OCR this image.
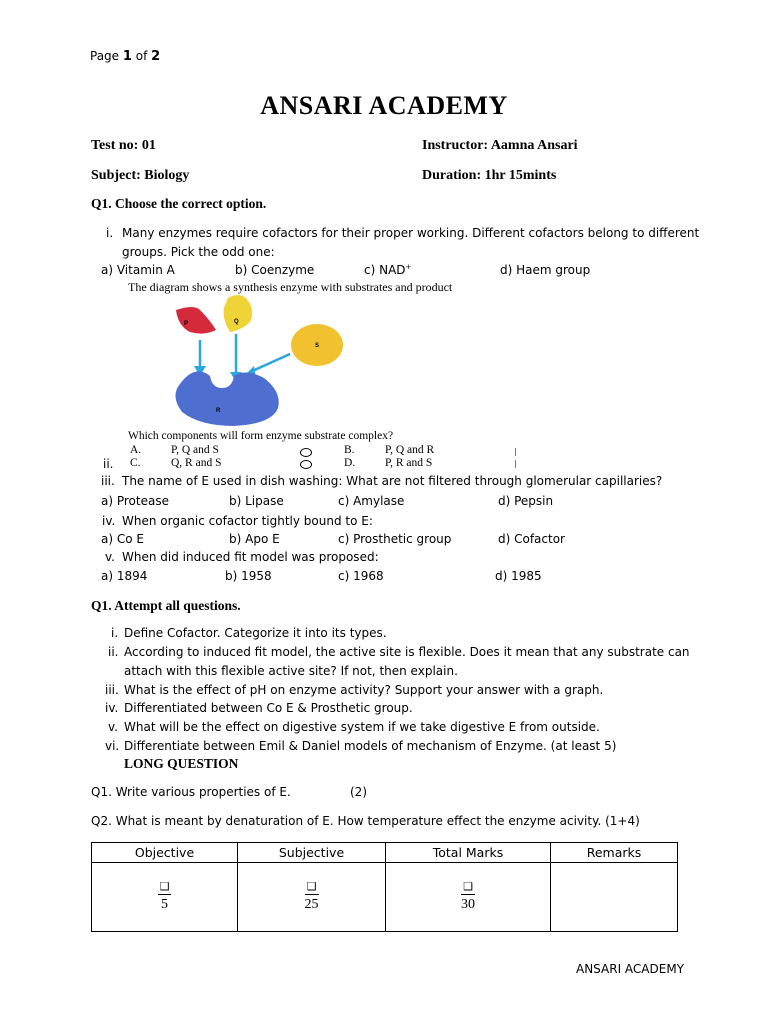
Page 1 of 2
ANSARI ACADEMY
Test no: 01	Instructor: Aamna Ansari
Subject: Biology	Duration: 1hr 15mints
Q1. Choose the correct option.
i. Many enzymes require cofactors for their proper working. Different cofactors belong to different
groups. Pick the odd one:
a) Vitamin A	b) Coenzyme	c) NAD+	d) Haem group
The diagram shows a synthesis enzyme with substrates and product
P	Q
S
R
Which components will form enzyme substrate complex?
A.	P, Q and S	B.	P, Q and R
ii. C.	Q, R and S	D.	P, R and S
iii. The name of E used in dish washing: What are not filtered through glomerular capillaries?
a) Protease	b) Lipase	c) Amylase	d) Pepsin
iv. When organic cofactor tightly bound to E:
a) Co E	b) Apo E	c) Prosthetic group	d) Cofactor
v. When did induced fit model was proposed:
a) 1894	b) 1958	c) 1968	d) 1985
Q1. Attempt all questions.
i. Define Cofactor. Categorize it into its types.
ii. According to induced fit model, the active site is flexible. Does it mean that any substrate can
attach with this flexible active site? If not, then explain.
iii. What is the effect of pH on enzyme activity? Support your answer with a graph.
iv. Differentiated between Co E & Prosthetic group.
v. What will be the effect on digestive system if we take digestive E from outside.
vi. Differentiate between Emil & Daniel models of mechanism of Enzyme. (at least 5)
LONG QUESTION
Q1. Write various properties of E.	(2)
Q2. What is meant by denaturation of E. How temperature effect the enzyme acivity. (1+4)
Objective	Subjective	Total Marks	Remarks

$\frac{❑}{5}$	$\frac{❑}{25}$	$\frac{❑}{30}$

ANSARI ACADEMY
